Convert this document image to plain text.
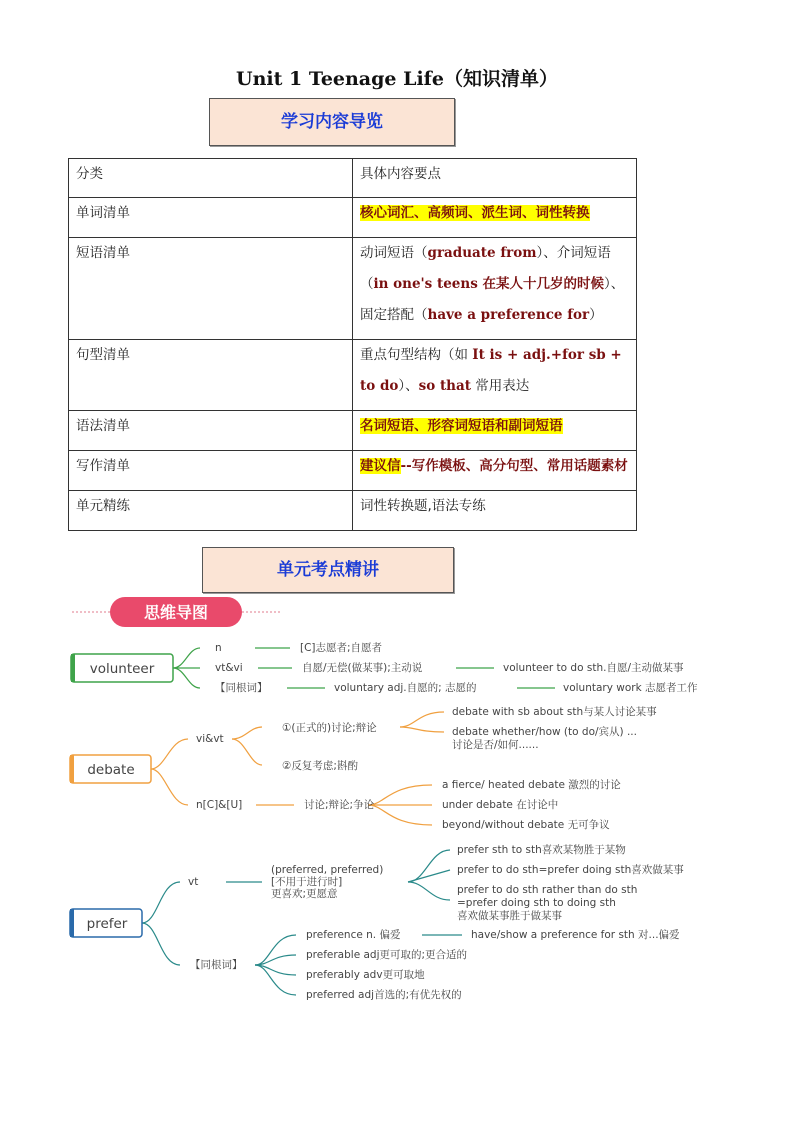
Unit 1 Teenage Life（知识清单）
学习内容导览
分类	具体内容要点
单词清单	核心词汇、高频词、派生词、词性转换
短语清单	动词短语（graduate from）、介词短语（in one's teens 在某人十几岁的时候）、固定搭配（have a preference for）
句型清单	重点句型结构（如 It is + adj.+for sb + to do）、so that 常用表达
语法清单	名词短语、形容词短语和副词短语
写作清单	建议信--写作模板、高分句型、常用话题素材
单元精练	词性转换题,语法专练
单元考点精讲
思维导图
volunteer
n	[C]志愿者;自愿者
vt&vi	自愿/无偿(做某事);主动说	volunteer to do sth.自愿/主动做某事
【同根词】	voluntary adj.自愿的; 志愿的	voluntary work 志愿者工作
debate
vi&vt
①(正式的)讨论;辩论
②反复考虑;斟酌
debate with sb about sth与某人讨论某事
debate whether/how (to do/宾从) ...
讨论是否/如何......
n[C]&[U]	讨论;辩论;争论
a fierce/ heated debate 激烈的讨论
under debate 在讨论中
beyond/without debate 无可争议
prefer
vt
(preferred, preferred)
[不用于进行时]
更喜欢;更愿意
prefer sth to sth喜欢某物胜于某物
prefer to do sth=prefer doing sth喜欢做某事
prefer to do sth rather than do sth
=prefer doing sth to doing sth
喜欢做某事胜于做某事
【同根词】
preference n. 偏爱	have/show a preference for sth 对...偏爱
preferable adj更可取的;更合适的
preferably adv更可取地
preferred adj首选的;有优先权的
